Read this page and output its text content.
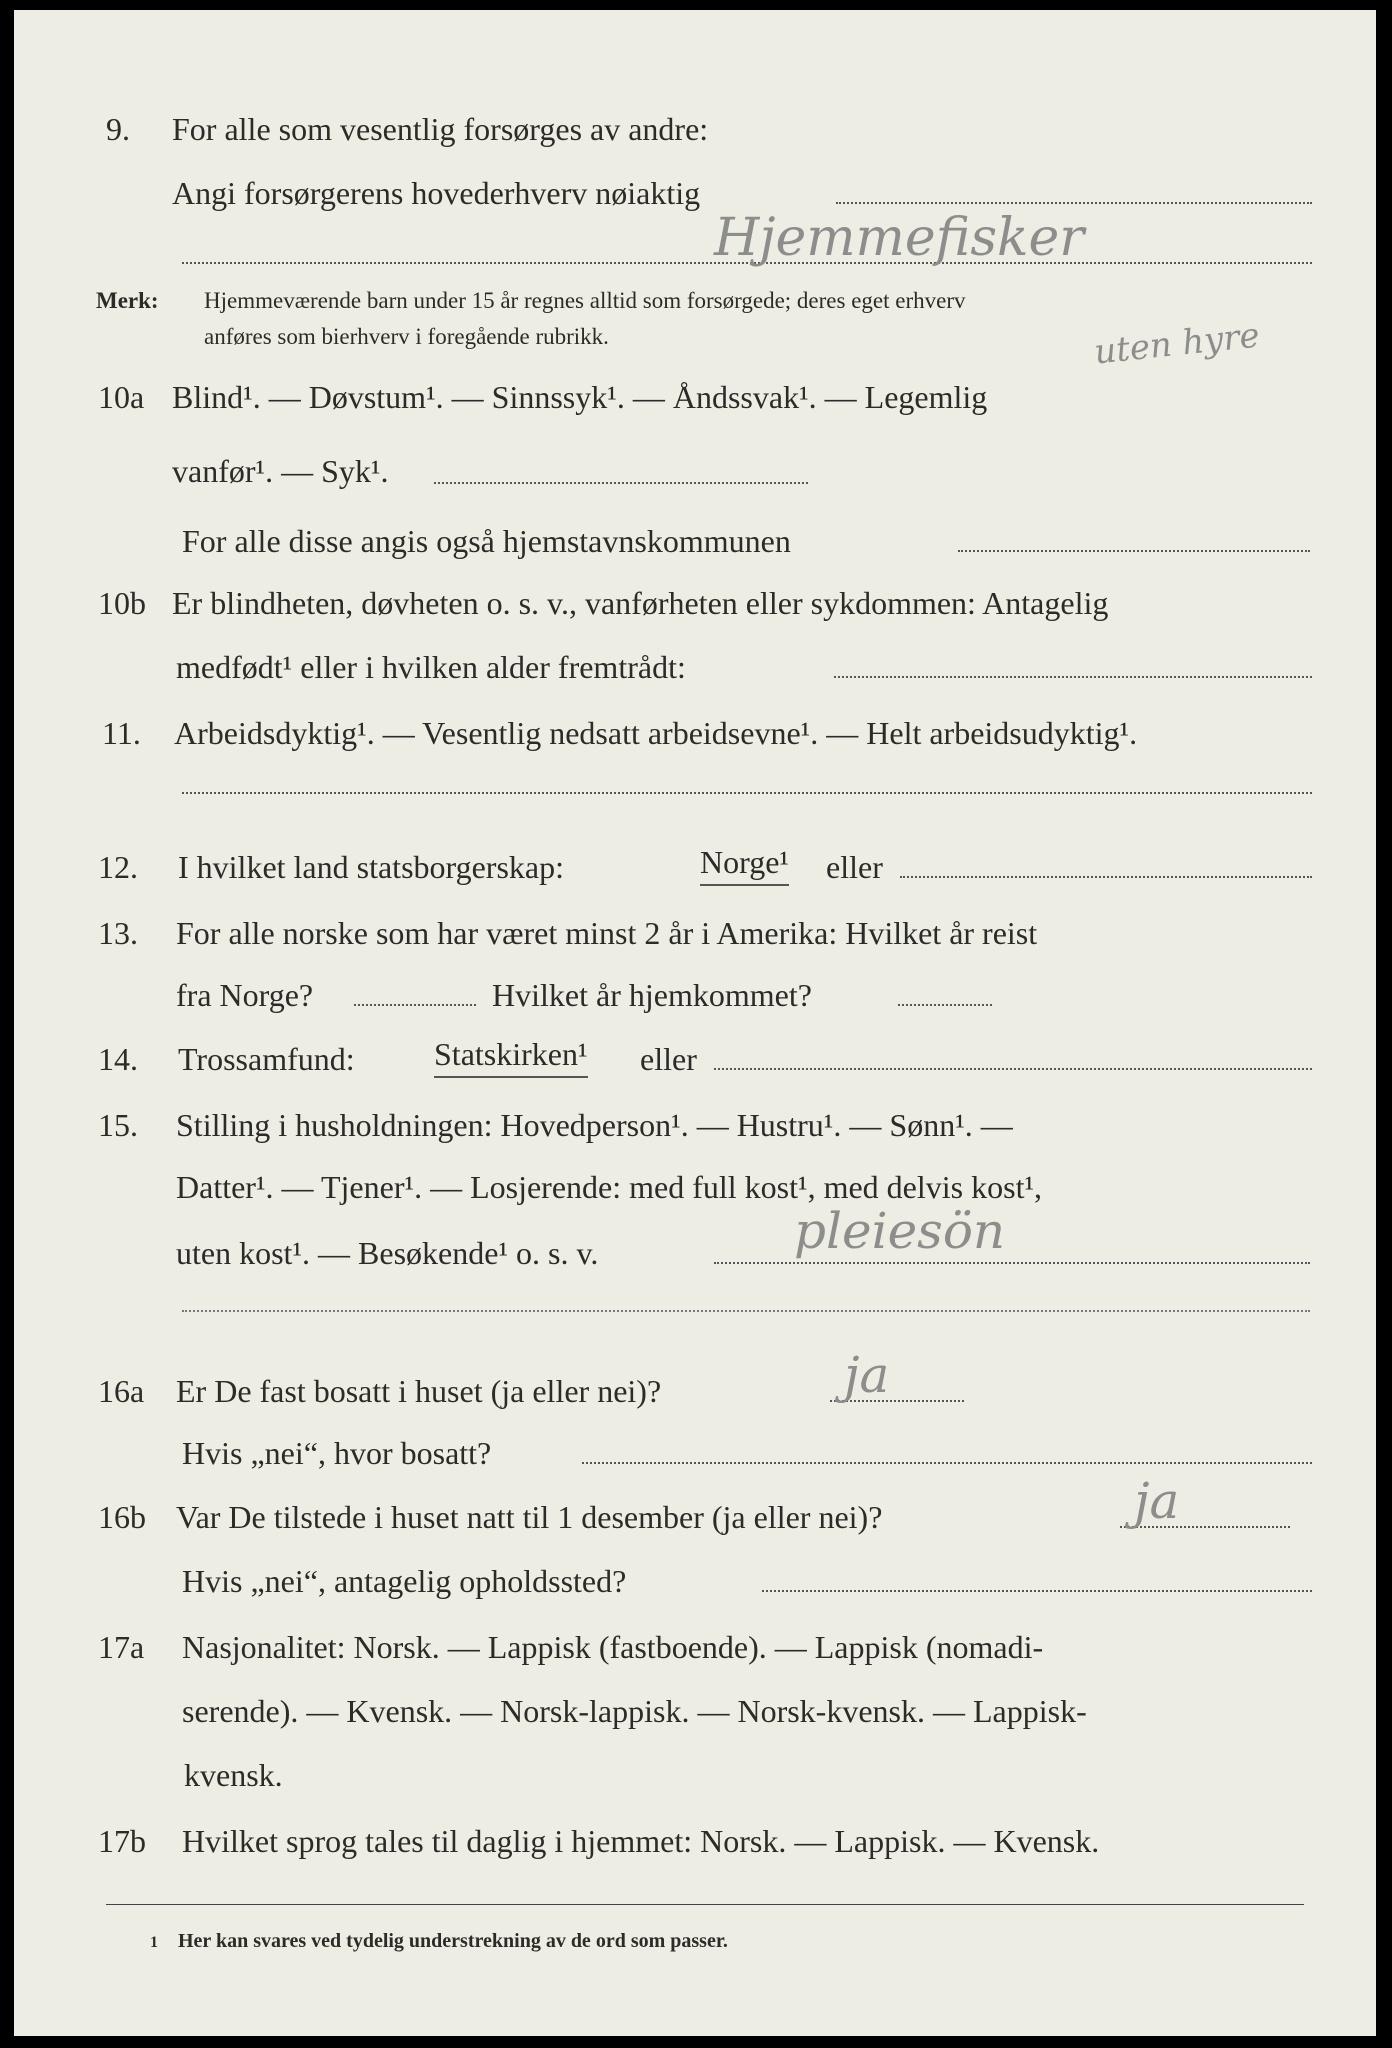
9. For alle som vesentlig forsørges av andre:
Angi forsørgerens hovederhverv nøiaktig
Hjemmefisker
Merk: Hjemmeværende barn under 15 år regnes alltid som forsørgede; deres eget erhverv
anføres som bierhverv i foregående rubrikk.	uten hyre
10a Blind¹. — Døvstum¹. — Sinnssyk¹. — Åndssvak¹. — Legemlig
vanfør¹. — Syk¹.
For alle disse angis også hjemstavnskommunen
10b Er blindheten, døvheten o. s. v., vanførheten eller sykdommen: Antagelig
medfødt¹ eller i hvilken alder fremtrådt:
11. Arbeidsdyktig¹. — Vesentlig nedsatt arbeidsevne¹. — Helt arbeidsudyktig¹.
12. I hvilket land statsborgerskap:	Norge¹ eller
13. For alle norske som har været minst 2 år i Amerika: Hvilket år reist
fra Norge?	Hvilket år hjemkommet?
14. Trossamfund: Statskirken¹ eller
15. Stilling i husholdningen: Hovedperson¹. — Hustru¹. — Sønn¹. —
Datter¹. — Tjener¹. — Losjerende: med full kost¹, med delvis kost¹,
uten kost¹. — Besøkende¹ o. s. v.	pleiesön
16a Er De fast bosatt i huset (ja eller nei)?	ja
Hvis „nei“, hvor bosatt?
16b Var De tilstede i huset natt til 1 desember (ja eller nei)?	ja
Hvis „nei“, antagelig opholdssted?
17a Nasjonalitet: Norsk. — Lappisk (fastboende). — Lappisk (nomadi-
serende). — Kvensk. — Norsk-lappisk. — Norsk-kvensk. — Lappisk-
kvensk.
17b Hvilket sprog tales til daglig i hjemmet: Norsk. — Lappisk. — Kvensk.
1 Her kan svares ved tydelig understrekning av de ord som passer.
